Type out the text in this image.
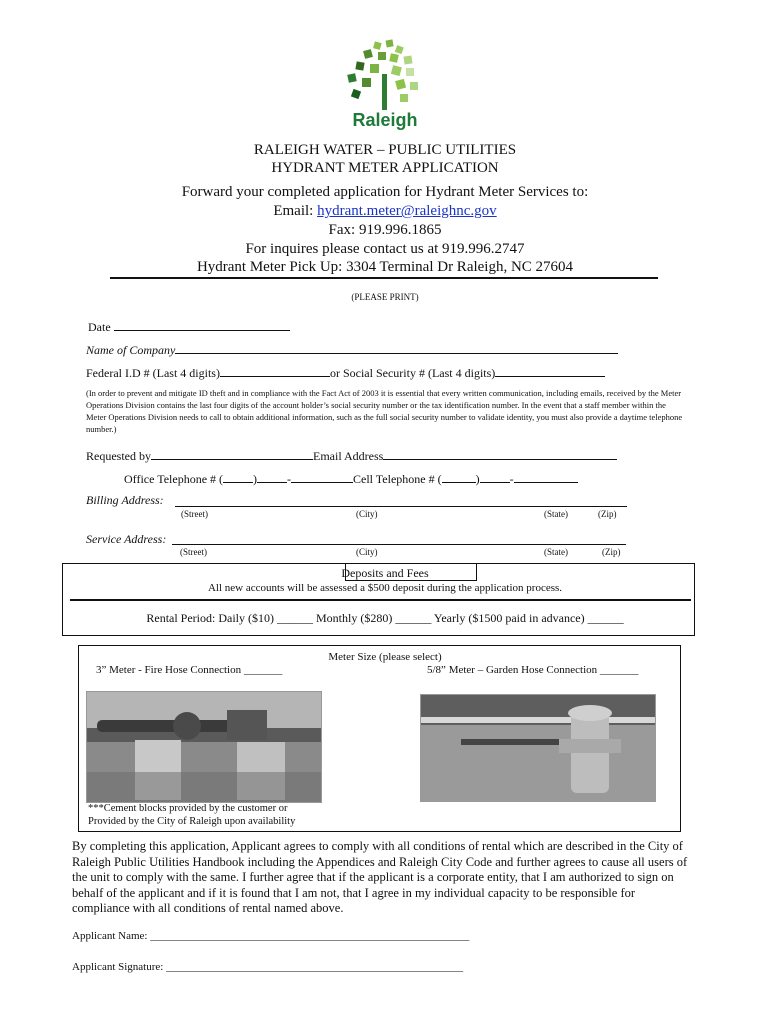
Raleigh
RALEIGH WATER – PUBLIC UTILITIES
HYDRANT METER APPLICATION
Forward your completed application for Hydrant Meter Services to:
Email: hydrant.meter@raleighnc.gov
Fax: 919.996.1865
For inquires please contact us at 919.996.2747
Hydrant Meter Pick Up: 3304 Terminal Dr Raleigh, NC 27604
(PLEASE PRINT)
Date
Name of Company
Federal I.D # (Last 4 digits)	or Social Security # (Last 4 digits)
(In order to prevent and mitigate ID theft and in compliance with the Fact Act of 2003 it is essential that every written communication, including emails, received by the Meter Operations Division contains the last four digits of the account holder’s social security number or the tax identification number. In the event that a staff member within the Meter Operations Division needs to call to obtain additional information, such as the full social security number to validate identity, you must also provide a daytime telephone number.)
Requested by	Email Address
Office Telephone # (	)	-	Cell Telephone # (	)	-
Billing Address:
(Street)	(City)	(State)	(Zip)
Service Address:
(Street)	(City)	(State)	(Zip)
Deposits and Fees
All new accounts will be assessed a $500 deposit during the application process.
Rental Period: Daily ($10) ______ Monthly ($280) ______ Yearly ($1500 paid in advance) ______
Meter Size (please select)
3” Meter - Fire Hose Connection _______	5/8” Meter – Garden Hose Connection _______
***Cement blocks provided by the customer or
Provided by the City of Raleigh upon availability
By completing this application, Applicant agrees to comply with all conditions of rental which are described in the City of Raleigh Public Utilities Handbook including the Appendices and Raleigh City Code and further agrees to cause all users of the unit to comply with the same. I further agree that if the applicant is a corporate entity, that I am authorized to sign on behalf of the applicant and if it is found that I am not, that I agree in my individual capacity to be responsible for compliance with all conditions of rental named above.
Applicant Name: __________________________________________________________
Applicant Signature: ______________________________________________________
